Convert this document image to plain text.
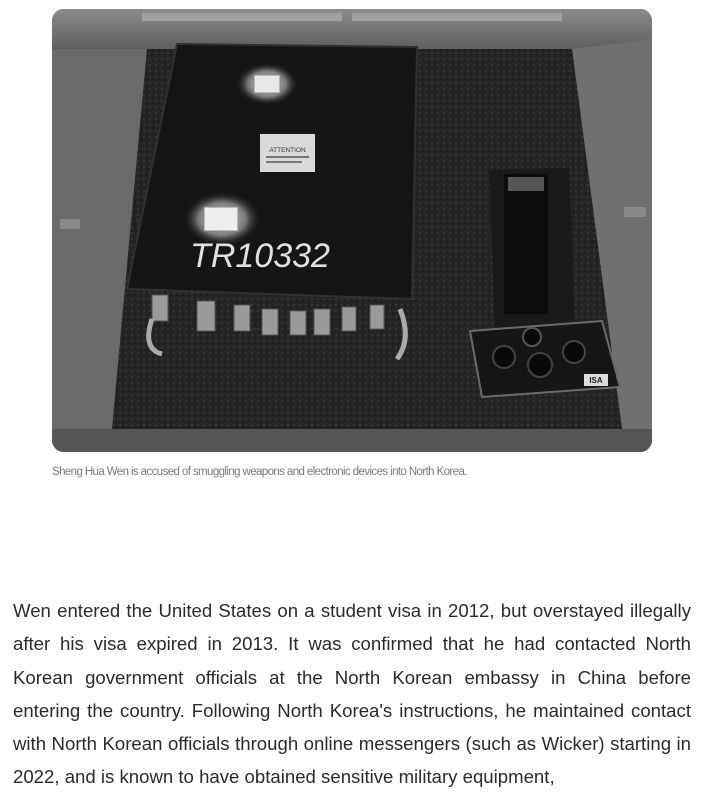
ATTENTION
TR10332
ISA
Sheng Hua Wen is accused of smuggling weapons and electronic devices into North Korea.

Wen entered the United States on a student visa in 2012, but overstayed illegally after his visa expired in 2013. It was confirmed that he had contacted North Korean government officials at the North Korean embassy in China before entering the country. Following North Korea's instructions, he maintained contact with North Korean officials through online messengers (such as Wicker) starting in 2022, and is known to have obtained sensitive military equipment,
